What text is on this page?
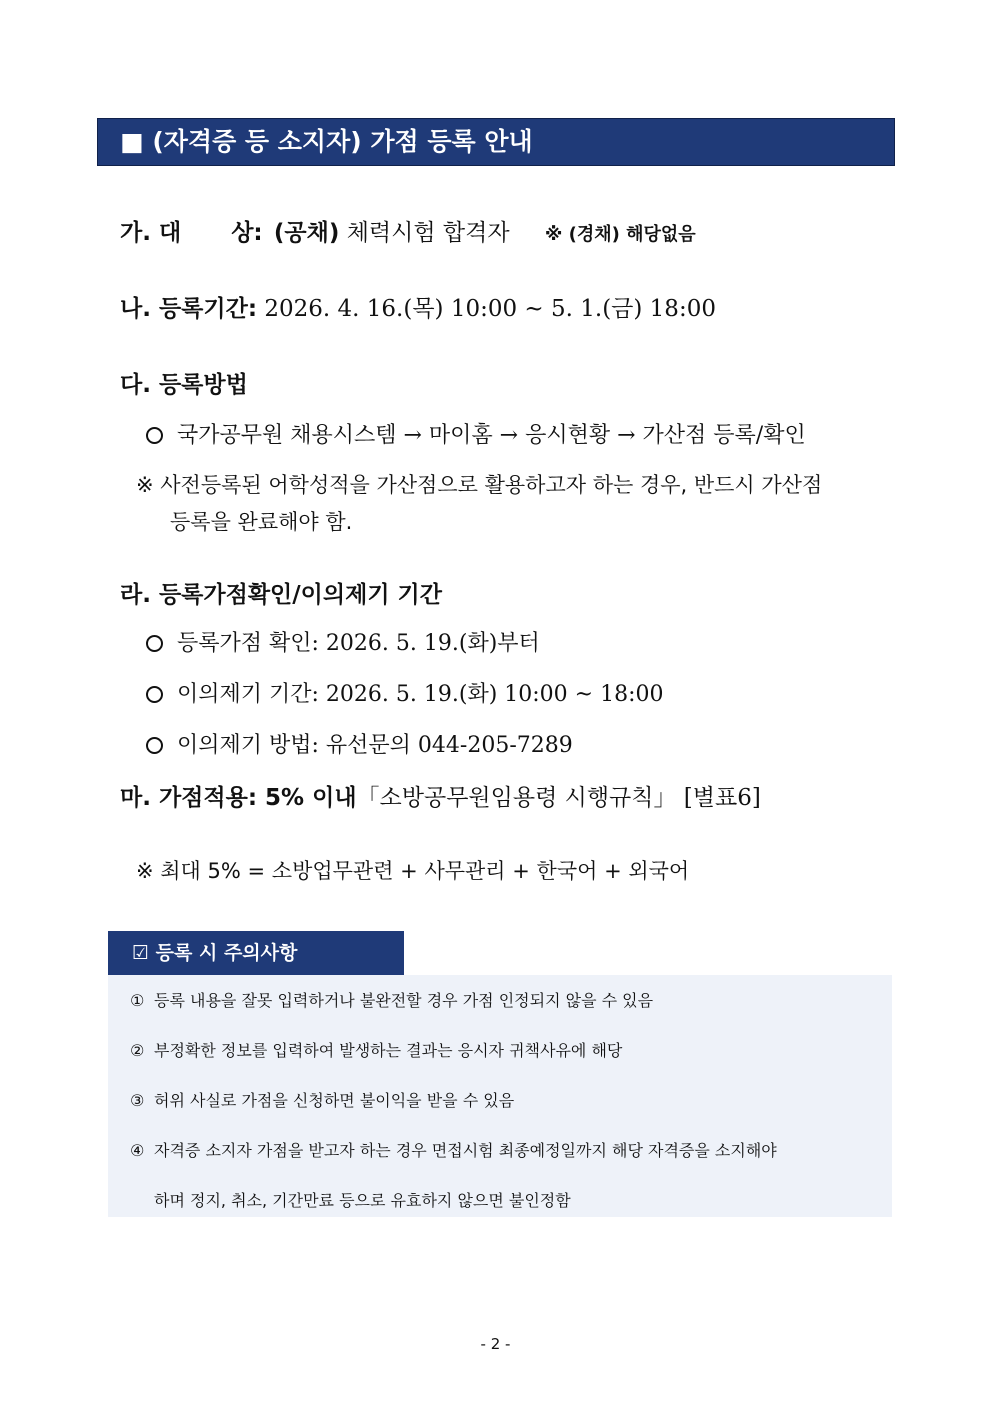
■ (자격증 등 소지자) 가점 등록 안내
가. 대 상: (공채) 체력시험 합격자 ※ (경채) 해당없음
나. 등록기간: 2026. 4. 16.(목) 10:00 ~ 5. 1.(금) 18:00
다. 등록방법
국가공무원 채용시스템 → 마이홈 → 응시현황 → 가산점 등록/확인
※ 사전등록된 어학성적을 가산점으로 활용하고자 하는 경우, 반드시 가산점
등록을 완료해야 함.
라. 등록가점확인/이의제기 기간
등록가점 확인: 2026. 5. 19.(화)부터
이의제기 기간: 2026. 5. 19.(화) 10:00 ~ 18:00
이의제기 방법: 유선문의 044-205-7289
마. 가점적용: 5% 이내「소방공무원임용령 시행규칙」 [별표6]
※ 최대 5% = 소방업무관련 + 사무관리 + 한국어 + 외국어
☑ 등록 시 주의사항
① 등록 내용을 잘못 입력하거나 불완전할 경우 가점 인정되지 않을 수 있음
② 부정확한 정보를 입력하여 발생하는 결과는 응시자 귀책사유에 해당
③ 허위 사실로 가점을 신청하면 불이익을 받을 수 있음
④ 자격증 소지자 가점을 받고자 하는 경우 면접시험 최종예정일까지 해당 자격증을 소지해야
하며 정지, 취소, 기간만료 등으로 유효하지 않으면 불인정함
- 2 -
